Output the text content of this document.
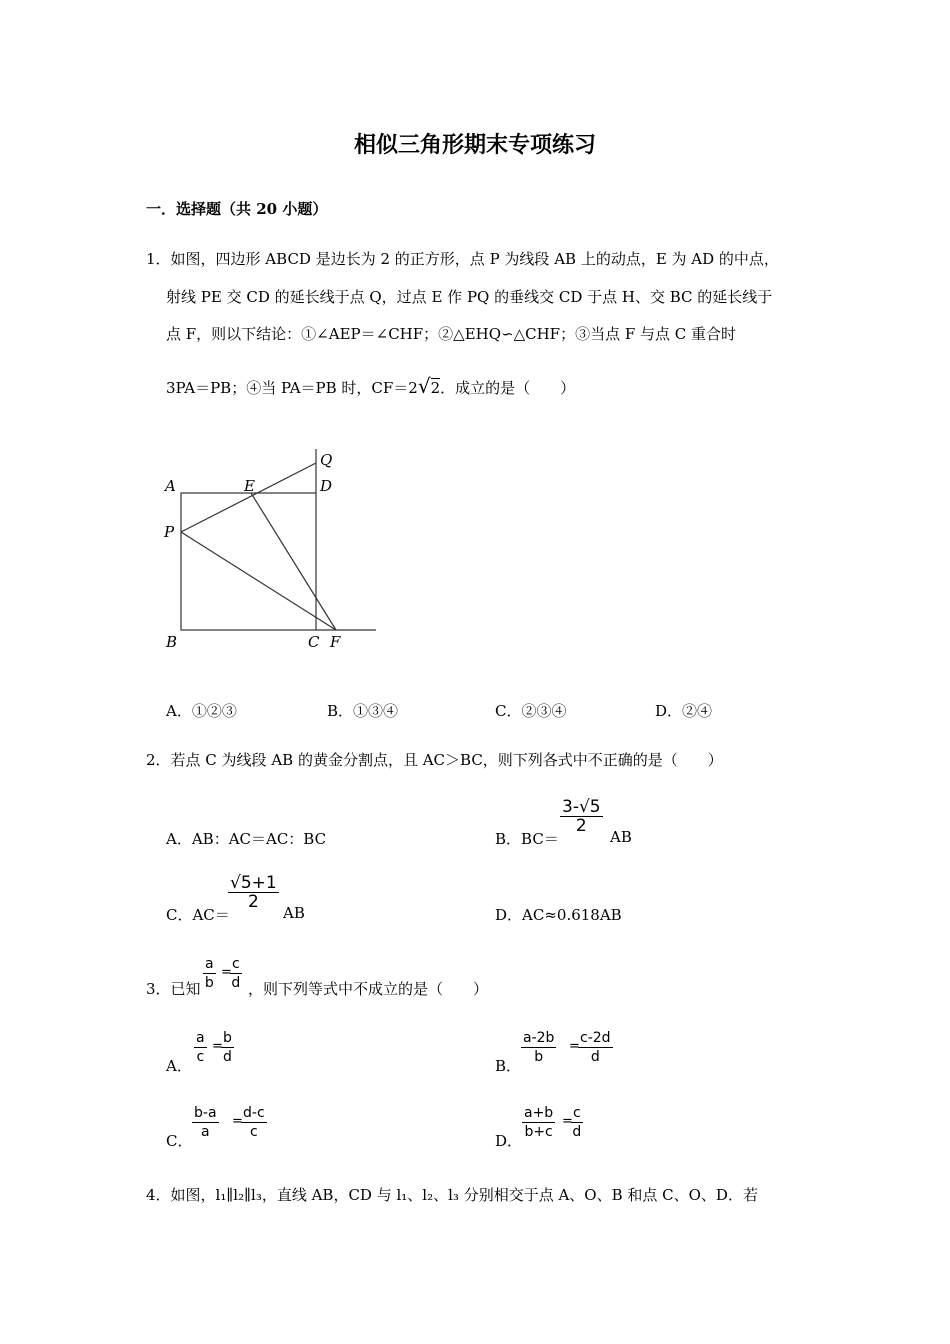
相似三角形期末专项练习
一．选择题（共 20 小题）
1．如图，四边形 ABCD 是边长为 2 的正方形，点 P 为线段 AB 上的动点，E 为 AD 的中点，
射线 PE 交 CD 的延长线于点 Q，过点 E 作 PQ 的垂线交 CD 于点 H、交 BC 的延长线于
点 F，则以下结论：①∠AEP＝∠CHF；②△EHQ∽△CHF；③当点 F 与点 C 重合时
3PA＝PB；④当 PA＝PB 时，CF＝2√2．成立的是（　　）
A	E	D
Q
P
B	C F
A．①②③	B．①③④	C．②③④	D．②④
2．若点 C 为线段 AB 的黄金分割点，且 AC＞BC，则下列各式中不正确的是（　　）
A．AB：AC＝AC：BC	B．BC＝
$\frac{3-√5}{2}$
AB
C．AC＝
$\frac{√5+1}{2}$
AB	D．AC≈0.618AB
3．已知 $\frac{a}{b}$ =
$\frac{c}{d}$ ，则下列等式中不成立的是（　　）
A． $\frac{a}{c}$ =
$\frac{b}{d}$	B． $\frac{a-2b}{b}$ =
$\frac{c-2d}{d}$
C． $\frac{b-a}{a}$ =
$\frac{d-c}{c}$	D． $\frac{a+b}{b+c}$ =
$\frac{c}{d}$
4．如图，l₁∥l₂∥l₃，直线 AB，CD 与 l₁、l₂、l₃ 分别相交于点 A、O、B 和点 C、O、D．若
